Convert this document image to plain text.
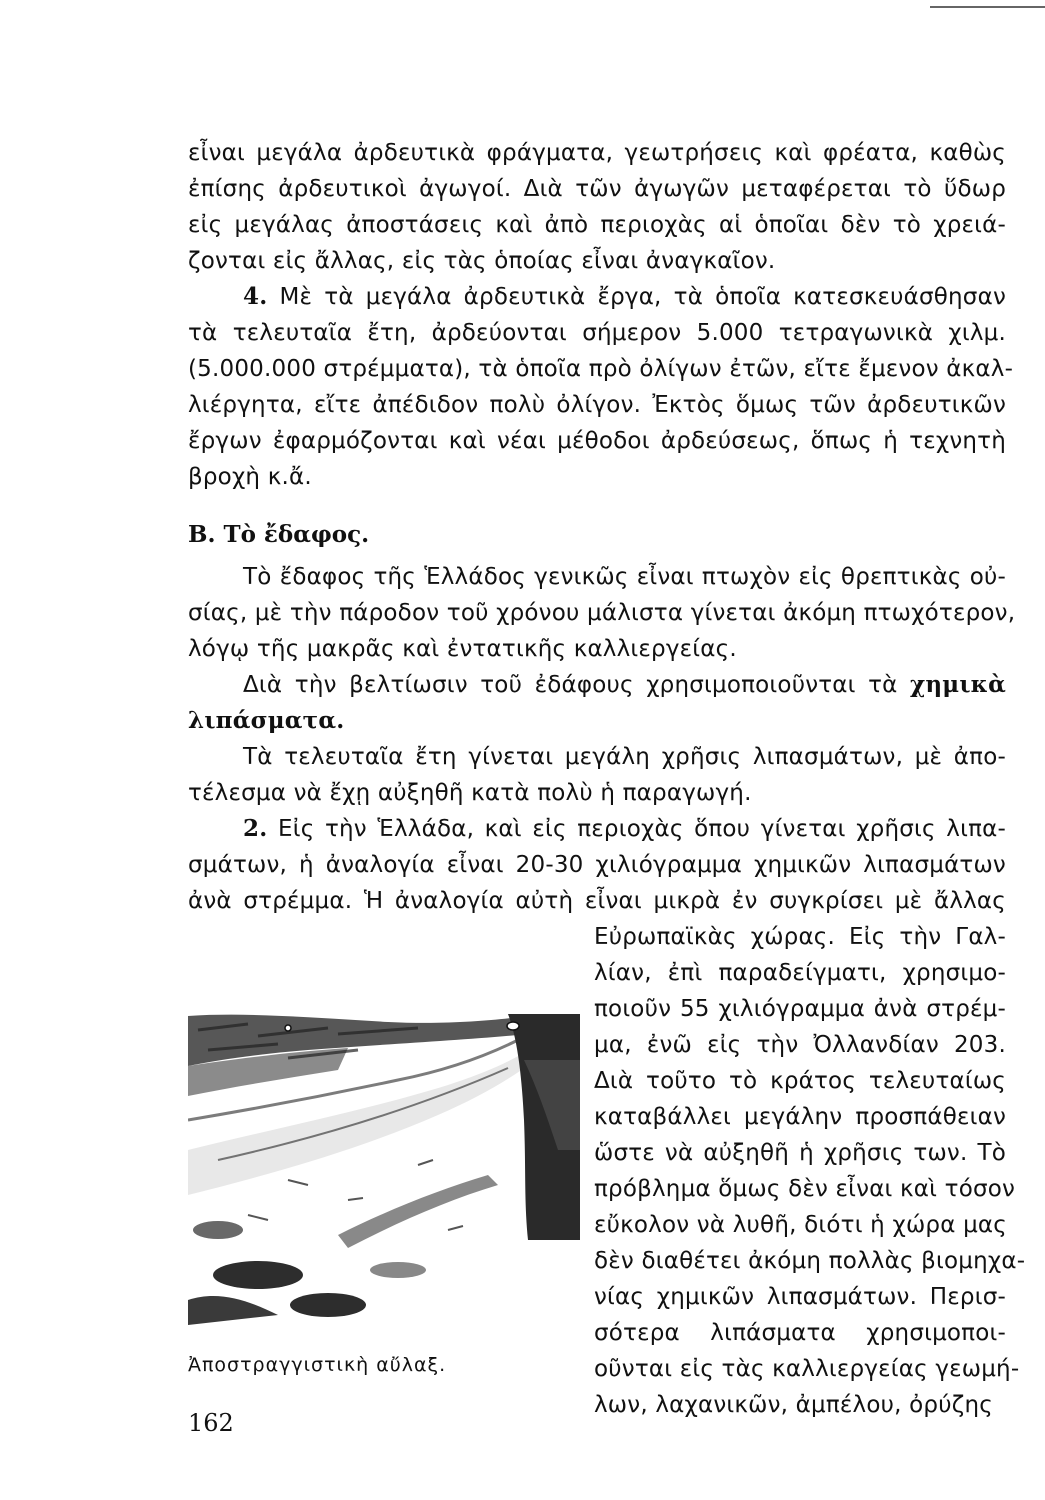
εἶναι μεγάλα ἀρδευτικὰ φράγματα, γεωτρήσεις καὶ φρέατα, καθὼς
ἐπίσης ἀρδευτικοὶ ἀγωγοί. Διὰ τῶν ἀγωγῶν μεταφέρεται τὸ ὕδωρ
εἰς μεγάλας ἀποστάσεις καὶ ἀπὸ περιοχὰς αἱ ὁποῖαι δὲν τὸ χρειά-
ζονται εἰς ἄλλας, εἰς τὰς ὁποίας εἶναι ἀναγκαῖον.
4. Μὲ τὰ μεγάλα ἀρδευτικὰ ἔργα, τὰ ὁποῖα κατεσκευάσθησαν
τὰ τελευταῖα ἔτη, ἀρδεύονται σήμερον 5.000 τετραγωνικὰ χιλμ.
(5.000.000 στρέμματα), τὰ ὁποῖα πρὸ ὀλίγων ἐτῶν, εἴτε ἔμενον ἀκαλ-
λιέργητα, εἴτε ἀπέδιδον πολὺ ὀλίγον. Ἐκτὸς ὅμως τῶν ἀρδευτικῶν
ἔργων ἐφαρμόζονται καὶ νέαι μέθοδοι ἀρδεύσεως, ὅπως ἡ τεχνητὴ
βροχὴ κ.ἄ.
Β. Τὸ ἔδαφος.
Τὸ ἔδαφος τῆς Ἑλλάδος γενικῶς εἶναι πτωχὸν εἰς θρεπτικὰς οὐ-
σίας, μὲ τὴν πάροδον τοῦ χρόνου μάλιστα γίνεται ἀκόμη πτωχότερον,
λόγῳ τῆς μακρᾶς καὶ ἐντατικῆς καλλιεργείας.
Διὰ τὴν βελτίωσιν τοῦ ἐδάφους χρησιμοποιοῦνται τὰ χημικὰ
λιπάσματα.
Τὰ τελευταῖα ἔτη γίνεται μεγάλη χρῆσις λιπασμάτων, μὲ ἀπο-
τέλεσμα νὰ ἔχῃ αὐξηθῆ κατὰ πολὺ ἡ παραγωγή.
2. Εἰς τὴν Ἑλλάδα, καὶ εἰς περιοχὰς ὅπου γίνεται χρῆσις λιπα-
σμάτων, ἡ ἀναλογία εἶναι 20-30 χιλιόγραμμα χημικῶν λιπασμάτων
ἀνὰ στρέμμα. Ἡ ἀναλογία αὐτὴ εἶναι μικρὰ ἐν συγκρίσει μὲ ἄλλας
Εὐρωπαϊκὰς χώρας. Εἰς τὴν Γαλ-
λίαν, ἐπὶ παραδείγματι, χρησιμο-
ποιοῦν 55 χιλιόγραμμα ἀνὰ στρέμ-
μα, ἐνῶ εἰς τὴν Ὀλλανδίαν 203.
Διὰ τοῦτο τὸ κράτος τελευταίως
καταβάλλει μεγάλην προσπάθειαν
ὥστε νὰ αὐξηθῆ ἡ χρῆσις των. Τὸ
πρόβλημα ὅμως δὲν εἶναι καὶ τόσον
εὔκολον νὰ λυθῆ, διότι ἡ χώρα μας
δὲν διαθέτει ἀκόμη πολλὰς βιομηχα-
νίας χημικῶν λιπασμάτων. Περισ-
σότερα λιπάσματα χρησιμοποι-
οῦνται εἰς τὰς καλλιεργείας γεωμή-
λων, λαχανικῶν, ἀμπέλου, ὀρύζης
Ἀποστραγγιστικὴ αὔλαξ.
162
